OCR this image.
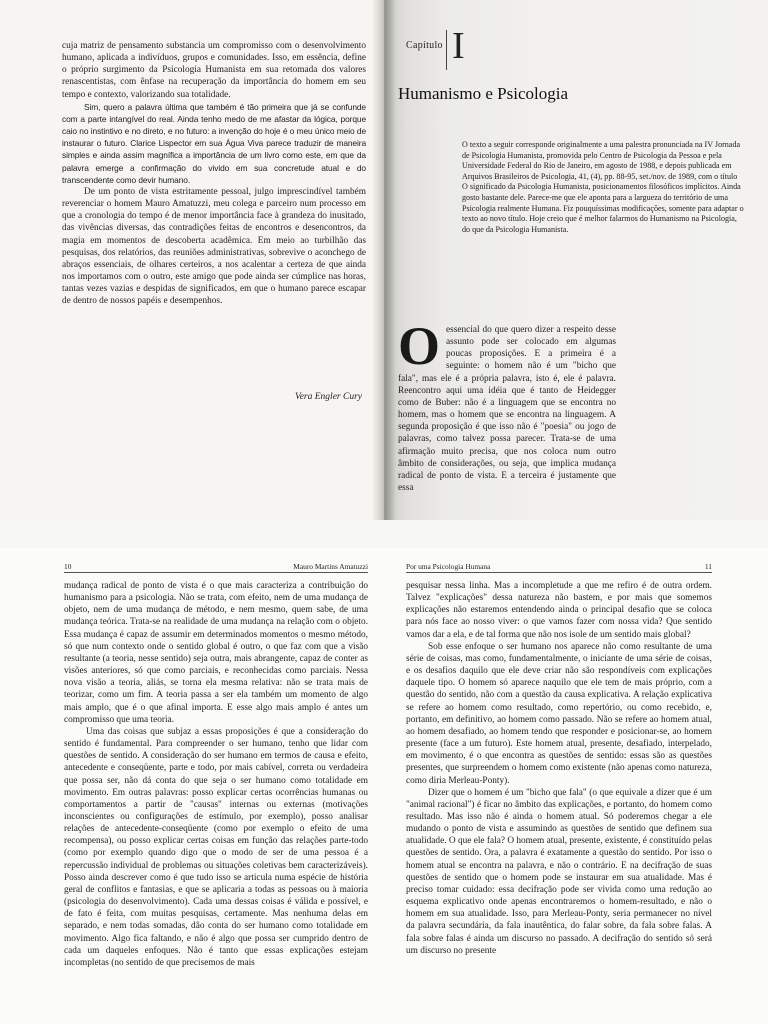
cuja matriz de pensamento substancia um compromisso com o desenvolvimento humano, aplicada a indivíduos, grupos e comunidades. Isso, em essência, define o próprio surgimento da Psicologia Humanista em sua retomada dos valores renascentistas, com ênfase na recuperação da importância do homem em seu tempo e contexto, valorizando sua totalidade.

Sim, quero a palavra última que também é tão primeira que já se confunde com a parte intangível do real. Ainda tenho medo de me afastar da lógica, porque caio no instintivo e no direto, e no futuro: a invenção do hoje é o meu único meio de instaurar o futuro. Clarice Lispector em sua Água Viva parece traduzir de maneira simples e ainda assim magnífica a importância de um livro como este, em que da palavra emerge a confirmação do vivido em sua concretude atual e do transcendente como devir humano.

De um ponto de vista estritamente pessoal, julgo imprescindível também reverenciar o homem Mauro Amatuzzi, meu colega e parceiro num processo em que a cronologia do tempo é de menor importância face à grandeza do inusitado, das vivências diversas, das contradições feitas de encontros e desencontros, da magia em momentos de descoberta acadêmica. Em meio ao turbilhão das pesquisas, dos relatórios, das reuniões administrativas, sobrevive o aconchego de abraços essenciais, de olhares certeiros, a nos acalentar a certeza de que ainda nos importamos com o outro, este amigo que pode ainda ser cúmplice nas horas, tantas vezes vazias e despidas de significados, em que o humano parece escapar de dentro de nossos papéis e desempenhos.

Vera Engler Cury
Capítulo I
Humanismo e Psicologia
O texto a seguir corresponde originalmente a uma palestra pronunciada na IV Jornada de Psicologia Humanista, promovida pelo Centro de Psicologia da Pessoa e pela Universidade Federal do Rio de Janeiro, em agosto de 1988, e depois publicada em Arquivos Brasileiros de Psicologia, 41, (4), pp. 88-95, set./nov. de 1989, com o título O significado da Psicologia Humanista, posicionamentos filosóficos implícitos. Ainda gosto bastante dele. Parece-me que ele aponta para a largueza do território de uma Psicologia realmente Humana. Fiz pouquíssimas modificações, somente para adaptar o texto ao novo título. Hoje creio que é melhor falarmos do Humanismo na Psicologia, do que da Psicologia Humanista.
Oessencial do que quero dizer a respeito desse assunto pode ser colocado em algumas poucas proposições. E a primeira é a seguinte: o homem não é um "bicho que fala", mas ele é a própria palavra, isto é, ele é palavra. Reencontro aqui uma idéia que é tanto de Heidegger como de Buber: não é a linguagem que se encontra no homem, mas o homem que se encontra na linguagem. A segunda proposição é que isso não é "poesia" ou jogo de palavras, como talvez possa parecer. Trata-se de uma afirmação muito precisa, que nos coloca num outro âmbito de considerações, ou seja, que implica mudança radical de ponto de vista. E a terceira é justamente que essa
10	Mauro Martins Amatuzzi

mudança radical de ponto de vista é o que mais caracteriza a contribuição do humanismo para a psicologia. Não se trata, com efeito, nem de uma mudança de objeto, nem de uma mudança de método, e nem mesmo, quem sabe, de uma mudança teórica. Trata-se na realidade de uma mudança na relação com o objeto. Essa mudança é capaz de assumir em determinados momentos o mesmo método, só que num contexto onde o sentido global é outro, o que faz com que a visão resultante (a teoria, nesse sentido) seja outra, mais abrangente, capaz de conter as visões anteriores, só que como parciais, e reconhecidas como parciais. Nessa nova visão a teoria, aliás, se torna ela mesma relativa: não se trata mais de teorizar, como um fim. A teoria passa a ser ela também um momento de algo mais amplo, que é o que afinal importa. E esse algo mais amplo é antes um compromisso que uma teoria.

Uma das coisas que subjaz a essas proposições é que a consideração do sentido é fundamental. Para compreender o ser humano, tenho que lidar com questões de sentido. A consideração do ser humano em termos de causa e efeito, antecedente e conseqüente, parte e todo, por mais cabível, correta ou verdadeira que possa ser, não dá conta do que seja o ser humano como totalidade em movimento. Em outras palavras: posso explicar certas ocorrências humanas ou comportamentos a partir de "causas" internas ou externas (motivações inconscientes ou configurações de estímulo, por exemplo), posso analisar relações de antecedente-conseqüente (como por exemplo o efeito de uma recompensa), ou posso explicar certas coisas em função das relações parte-todo (como por exemplo quando digo que o modo de ser de uma pessoa é a repercussão individual de problemas ou situações coletivas bem caracterizáveis). Posso ainda descrever como é que tudo isso se articula numa espécie de história geral de conflitos e fantasias, e que se aplicaria a todas as pessoas ou à maioria (psicologia do desenvolvimento). Cada uma dessas coisas é válida e possível, e de fato é feita, com muitas pesquisas, certamente. Mas nenhuma delas em separado, e nem todas somadas, dão conta do ser humano como totalidade em movimento. Algo fica faltando, e não é algo que possa ser cumprido dentro de cada um daqueles enfoques. Não é tanto que essas explicações estejam incompletas (no sentido de que precisemos de mais

Por uma Psicologia Humana	11

pesquisar nessa linha. Mas a incompletude a que me refiro é de outra ordem. Talvez "explicações" dessa natureza não bastem, e por mais que somemos explicações não estaremos entendendo ainda o principal desafio que se coloca para nós face ao nosso viver: o que vamos fazer com nossa vida? Que sentido vamos dar a ela, e de tal forma que não nos isole de um sentido mais global?

Sob esse enfoque o ser humano nos aparece não como resultante de uma série de coisas, mas como, fundamentalmente, o iniciante de uma série de coisas, e os desafios daquilo que ele deve criar não são respondíveis com explicações daquele tipo. O homem só aparece naquilo que ele tem de mais próprio, com a questão do sentido, não com a questão da causa explicativa. A relação explicativa se refere ao homem como resultado, como repertório, ou como recebido, e, portanto, em definitivo, ao homem como passado. Não se refere ao homem atual, ao homem desafiado, ao homem tendo que responder e posicionar-se, ao homem presente (face a um futuro). Este homem atual, presente, desafiado, interpelado, em movimento, é o que encontra as questões de sentido: essas são as questões presentes, que surpreendem o homem como existente (não apenas como natureza, como diria Merleau-Ponty).

Dizer que o homem é um "bicho que fala" (o que equivale a dizer que é um "animal racional") é ficar no âmbito das explicações, e portanto, do homem como resultado. Mas isso não é ainda o homem atual. Só poderemos chegar a ele mudando o ponto de vista e assumindo as questões de sentido que definem sua atualidade. O que ele fala? O homem atual, presente, existente, é constituído pelas questões de sentido. Ora, a palavra é exatamente a questão do sentido. Por isso o homem atual se encontra na palavra, e não o contrário. E na decifração de suas questões de sentido que o homem pode se instaurar em sua atualidade. Mas é preciso tomar cuidado: essa decifração pode ser vivida como uma redução ao esquema explicativo onde apenas encontraremos o homem-resultado, e não o homem em sua atualidade. Isso, para Merleau-Ponty, seria permanecer no nível da palavra secundária, da fala inautêntica, do falar sobre, da fala sobre falas. A fala sobre falas é ainda um discurso no passado. A decifração do sentido só será um discurso no presente
